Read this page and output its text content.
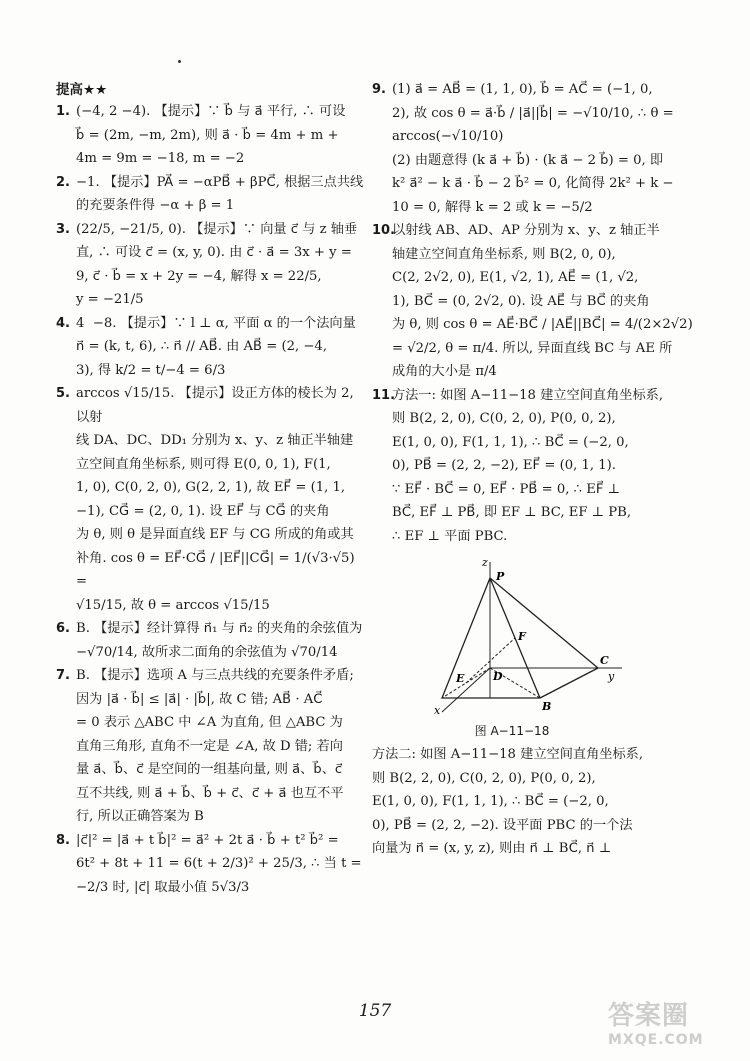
提高★★
1. (−4, 2 −4). 【提示】∵ b⃗ 与 a⃗ 平行, ∴ 可设
b⃗ = (2m, −m, 2m), 则 a⃗ · b⃗ = 4m + m +
4m = 9m = −18, m = −2

2. −1. 【提示】PA⃗ = −αPB⃗ + βPC⃗, 根据三点共线
的充要条件得 −α + β = 1

3. (22/5, −21/5, 0). 【提示】∵ 向量 c⃗ 与 z 轴垂
直, ∴ 可设 c⃗ = (x, y, 0). 由 c⃗ · a⃗ = 3x + y =
9, c⃗ · b⃗ = x + 2y = −4, 解得 x = 22/5,
y = −21/5

4. 4  −8. 【提示】∵ l ⊥ α, 平面 α 的一个法向量
n⃗ = (k, t, 6), ∴ n⃗ // AB⃗. 由 AB⃗ = (2, −4,
3), 得 k/2 = t/−4 = 6/3

5. arccos √15/15. 【提示】设正方体的棱长为 2, 以射
线 DA、DC、DD₁ 分别为 x、y、z 轴正半轴建
立空间直角坐标系, 则可得 E(0, 0, 1), F(1,
1, 0), C(0, 2, 0), G(2, 2, 1), 故 EF⃗ = (1, 1,
−1), CG⃗ = (2, 0, 1). 设 EF⃗ 与 CG⃗ 的夹角
为 θ, 则 θ 是异面直线 EF 与 CG 所成的角或其
补角. cos θ = EF⃗·CG⃗ / |EF⃗||CG⃗| = 1/(√3·√5) =
√15/15, 故 θ = arccos √15/15

6. B. 【提示】经计算得 n⃗₁ 与 n⃗₂ 的夹角的余弦值为
−√70/14, 故所求二面角的余弦值为 √70/14

7. B. 【提示】选项 A 与三点共线的充要条件矛盾;
因为 |a⃗ · b⃗| ≤ |a⃗| · |b⃗|, 故 C 错; AB⃗ · AC⃗
= 0 表示 △ABC 中 ∠A 为直角, 但 △ABC 为
直角三角形, 直角不一定是 ∠A, 故 D 错; 若向
量 a⃗、b⃗、c⃗ 是空间的一组基向量, 则 a⃗、b⃗、c⃗
互不共线, 则 a⃗ + b⃗、b⃗ + c⃗、c⃗ + a⃗ 也互不平
行, 所以正确答案为 B

8. |c⃗|² = |a⃗ + t b⃗|² = a⃗² + 2t a⃗ · b⃗ + t² b⃗² =
6t² + 8t + 11 = 6(t + 2/3)² + 25/3, ∴ 当 t =
−2/3 时, |c⃗| 取最小值 5√3/3

9. (1) a⃗ = AB⃗ = (1, 1, 0), b⃗ = AC⃗ = (−1, 0,
2), 故 cos θ = a⃗·b⃗ / |a⃗||b⃗| = −√10/10, ∴ θ =
arccos(−√10/10)
(2) 由题意得 (k a⃗ + b⃗) · (k a⃗ − 2 b⃗) = 0, 即
k² a⃗² − k a⃗ · b⃗ − 2 b⃗² = 0, 化简得 2k² + k −
10 = 0, 解得 k = 2 或 k = −5/2

10.

以射线 AB、AD、AP 分别为 x、y、z 轴正半
轴建立空间直角坐标系, 则 B(2, 0, 0),
C(2, 2√2, 0), E(1, √2, 1), AE⃗ = (1, √2,
1), BC⃗ = (0, 2√2, 0). 设 AE⃗ 与 BC⃗ 的夹角
为 θ, 则 cos θ = AE⃗·BC⃗ / |AE⃗||BC⃗| = 4/(2×2√2)
= √2/2, θ = π/4. 所以, 异面直线 BC 与 AE 所
成角的大小是 π/4

11.

方法一: 如图 A−11−18 建立空间直角坐标系,
则 B(2, 2, 0), C(0, 2, 0), P(0, 0, 2),
E(1, 0, 0), F(1, 1, 1), ∴ BC⃗ = (−2, 0,
0), PB⃗ = (2, 2, −2), EF⃗ = (0, 1, 1).
∵ EF⃗ · BC⃗ = 0, EF⃗ · PB⃗ = 0, ∴ EF⃗ ⊥
BC⃗, EF⃗ ⊥ PB⃗, 即 EF ⊥ BC, EF ⊥ PB,
∴ EF ⊥ 平面 PBC.

z
P
F
E	D
C
y
B
x
图 A−11−18

方法二: 如图 A−11−18 建立空间直角坐标系,
则 B(2, 2, 0), C(0, 2, 0), P(0, 0, 2),
E(1, 0, 0), F(1, 1, 1), ∴ BC⃗ = (−2, 0,
0), PB⃗ = (2, 2, −2). 设平面 PBC 的一个法
向量为 n⃗ = (x, y, z), 则由 n⃗ ⊥ BC⃗, n⃗ ⊥

157	答案圈
MXQE.COM
